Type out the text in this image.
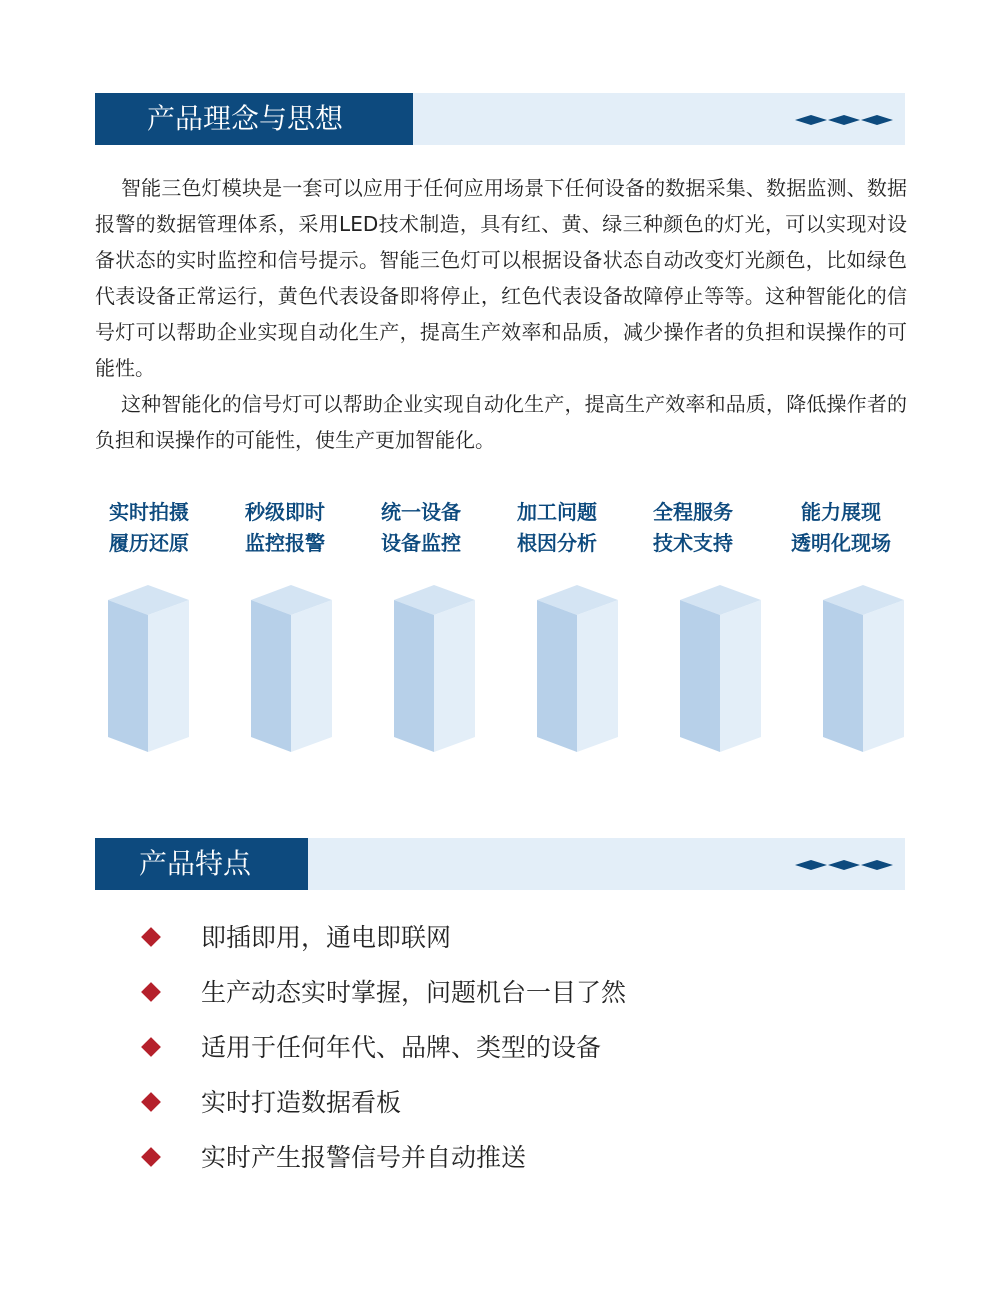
产品理念与思想

智能三色灯模块是一套可以应用于任何应用场景下任何设备的数据采集、数据监测、数据报警的数据管理体系，采用LED技术制造，具有红、黄、绿三种颜色的灯光，可以实现对设备状态的实时监控和信号提示。智能三色灯可以根据设备状态自动改变灯光颜色，比如绿色代表设备正常运行，黄色代表设备即将停止，红色代表设备故障停止等等。这种智能化的信号灯可以帮助企业实现自动化生产，提高生产效率和品质，减少操作者的负担和误操作的可能性。

这种智能化的信号灯可以帮助企业实现自动化生产，提高生产效率和品质，降低操作者的负担和误操作的可能性，使生产更加智能化。

实时拍摄
履历还原
秒级即时
监控报警
统一设备
设备监控
加工问题
根因分析
全程服务
技术支持
能力展现
透明化现场
产品特点
即插即用，通电即联网
生产动态实时掌握，问题机台一目了然
适用于任何年代、品牌、类型的设备
实时打造数据看板
实时产生报警信号并自动推送
